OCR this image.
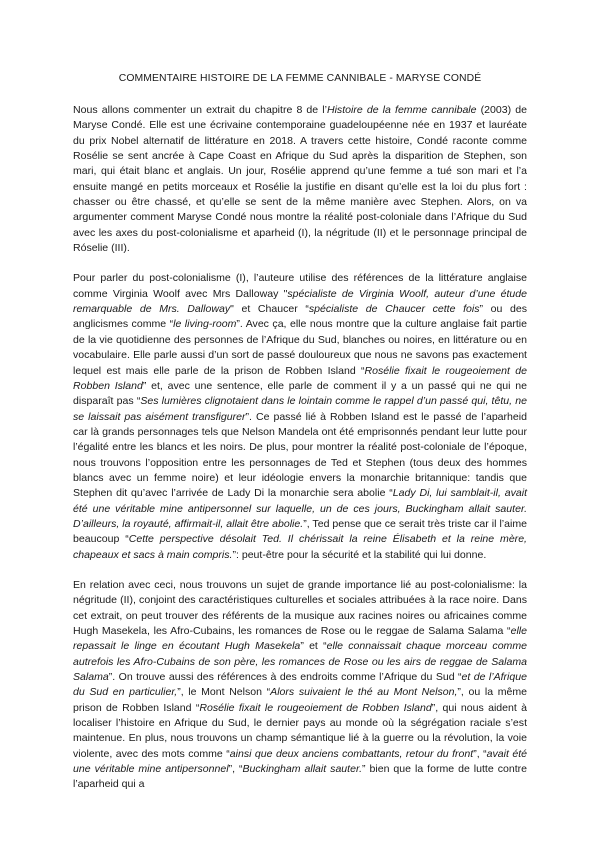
COMMENTAIRE HISTOIRE DE LA FEMME CANNIBALE - MARYSE CONDÉ

Nous allons commenter un extrait du chapitre 8 de l’Histoire de la femme cannibale (2003) de Maryse Condé. Elle est une écrivaine contemporaine guadeloupéenne née en 1937 et lauréate du prix Nobel alternatif de littérature en 2018. A travers cette histoire, Condé raconte comme Rosélie se sent ancrée à Cape Coast en Afrique du Sud après la disparition de Stephen, son mari, qui était blanc et anglais. Un jour, Rosélie apprend qu’une femme a tué son mari et l’a ensuite mangé en petits morceaux et Rosélie la justifie en disant qu’elle est la loi du plus fort : chasser ou être chassé, et qu’elle se sent de la même manière avec Stephen. Alors, on va argumenter comment Maryse Condé nous montre la réalité post-coloniale dans l’Afrique du Sud avec les axes du post-colonialisme et aparheid (I), la négritude (II) et le personnage principal de Róselie (III).

Pour parler du post-colonialisme (I), l’auteure utilise des références de la littérature anglaise comme Virginia Woolf avec Mrs Dalloway "spécialiste de Virginia Woolf, auteur d’une étude remarquable de Mrs. Dalloway" et Chaucer “spécialiste de Chaucer cette fois” ou des anglicismes comme “le living-room”. Avec ça, elle nous montre que la culture anglaise fait partie de la vie quotidienne des personnes de l’Afrique du Sud, blanches ou noires, en littérature ou en vocabulaire. Elle parle aussi d’un sort de passé douloureux que nous ne savons pas exactement lequel est mais elle parle de la prison de Robben Island “Rosélie fixait le rougeoiement de Robben Island” et, avec une sentence, elle parle de comment il y a un passé qui ne qui ne disparaît pas “Ses lumières clignotaient dans le lointain comme le rappel d’un passé qui, têtu, ne se laissait pas aisément transfigurer”. Ce passé lié à Robben Island est le passé de l’aparheid car là grands personnages tels que Nelson Mandela ont été emprisonnés pendant leur lutte pour l’égalité entre les blancs et les noirs. De plus, pour montrer la réalité post-coloniale de l’époque, nous trouvons l’opposition entre les personnages de Ted et Stephen (tous deux des hommes blancs avec un femme noire) et leur idéologie envers la monarchie britannique: tandis que Stephen dit qu’avec l’arrivée de Lady Di la monarchie sera abolie “Lady Di, lui samblait-il, avait été une véritable mine antipersonnel sur laquelle, un de ces jours, Buckingham allait sauter. D’ailleurs, la royauté, affirmait-il, allait être abolie.”, Ted pense que ce serait très triste car il l’aime beaucoup “Cette perspective désolait Ted. Il chérissait la reine Élisabeth et la reine mère, chapeaux et sacs à main compris.”: peut-être pour la sécurité et la stabilité qui lui donne.

En relation avec ceci, nous trouvons un sujet de grande importance lié au post-colonialisme: la négritude (II), conjoint des caractéristiques culturelles et sociales attribuées à la race noire. Dans cet extrait, on peut trouver des référents de la musique aux racines noires ou africaines comme Hugh Masekela, les Afro-Cubains, les romances de Rose ou le reggae de Salama Salama “elle repassait le linge en écoutant Hugh Masekela” et “elle connaissait chaque morceau comme autrefois les Afro-Cubains de son père, les romances de Rose ou les airs de reggae de Salama Salama”. On trouve aussi des références à des endroits comme l’Afrique du Sud “et de l’Afrique du Sud en particulier,”, le Mont Nelson “Alors suivaient le thé au Mont Nelson,”, ou la même prison de Robben Island “Rosélie fixait le rougeoiement de Robben Island”, qui nous aident à localiser l’histoire en Afrique du Sud, le dernier pays au monde où la ségrégation raciale s’est maintenue. En plus, nous trouvons un champ sémantique lié à la guerre ou la révolution, la voie violente, avec des mots comme “ainsi que deux anciens combattants, retour du front”, “avait été une véritable mine antipersonnel”, “Buckingham allait sauter.” bien que la forme de lutte contre l’aparheid qui a
